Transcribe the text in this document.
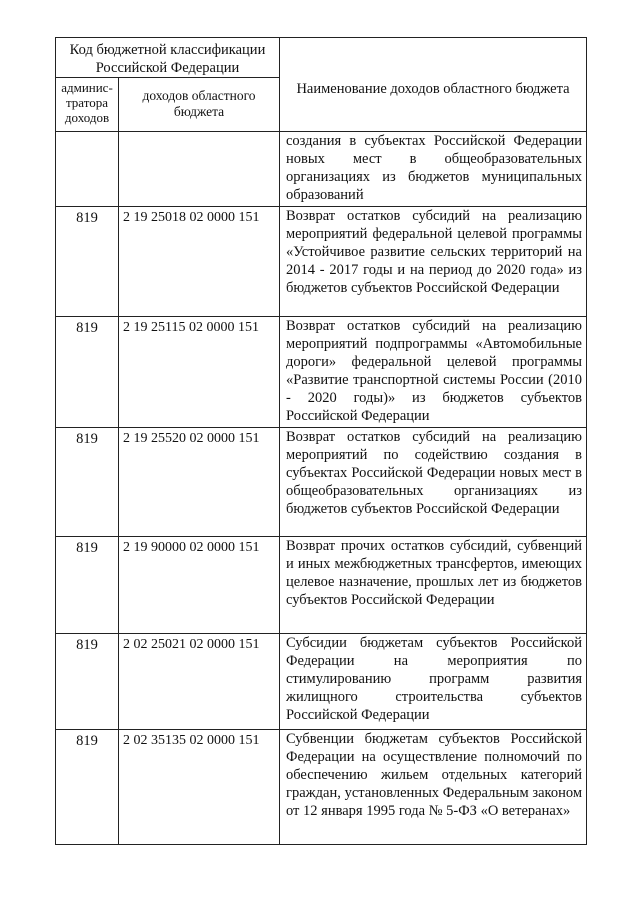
Код бюджетной классификации Российской Федерации		Наименование доходов областного бюджета
админис-тратора доходов	доходов областного бюджета	
		создания в субъектах Российской Федерации новых мест в общеобразовательных организациях из бюджетов муниципальных образований
819	2 19 25018 02 0000 151	Возврат остатков субсидий на реализацию мероприятий федеральной целевой программы «Устойчивое развитие сельских территорий на 2014 - 2017 годы и на период до 2020 года» из бюджетов субъектов Российской Федерации
819	2 19 25115 02 0000 151	Возврат остатков субсидий на реализацию мероприятий подпрограммы «Автомобильные дороги» федеральной целевой программы «Развитие транспортной системы России (2010 - 2020 годы)» из бюджетов субъектов Российской Федерации
819	2 19 25520 02 0000 151	Возврат остатков субсидий на реализацию мероприятий по содействию создания в субъектах Российской Федерации новых мест в общеобразовательных организациях из бюджетов субъектов Российской Федерации
819	2 19 90000 02 0000 151	Возврат прочих остатков субсидий, субвенций и иных межбюджетных трансфертов, имеющих целевое назначение, прошлых лет из бюджетов субъектов Российской Федерации
819	2 02 25021 02 0000 151	Субсидии бюджетам субъектов Российской Федерации на мероприятия по стимулированию программ развития жилищного строительства субъектов Российской Федерации
819	2 02 35135 02 0000 151	Субвенции бюджетам субъектов Российской Федерации на осуществление полномочий по обеспечению жильем отдельных категорий граждан, установленных Федеральным законом от 12 января 1995 года № 5-ФЗ «О ветеранах»
